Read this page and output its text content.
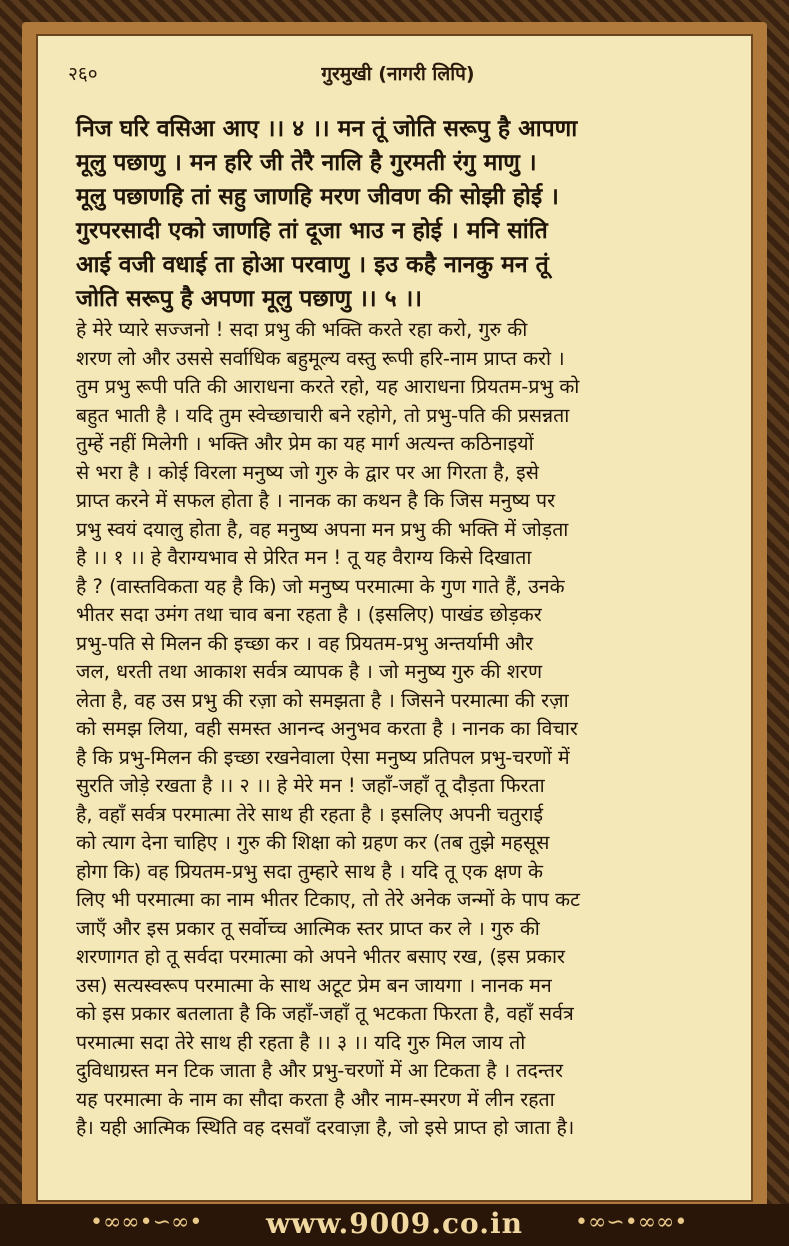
२६०	गुरमुखी (नागरी लिपि)
निज घरि वसिआ आए ।। ४ ।। मन तूं जोति सरूपु है आपणा
मूलु पछाणु । मन हरि जी तेरै नालि है गुरमती रंगु माणु ।
मूलु पछाणहि तां सहु जाणहि मरण जीवण की सोझी होई ।
गुरपरसादी एको जाणहि तां दूजा भाउ न होई । मनि सांति
आई वजी वधाई ता होआ परवाणु । इउ कहै नानकु मन तूं
जोति सरूपु है अपणा मूलु पछाणु ।। ५ ।।
हे मेरे प्यारे सज्जनो ! सदा प्रभु की भक्ति करते रहा करो, गुरु की
शरण लो और उससे सर्वाधिक बहुमूल्य वस्तु रूपी हरि-नाम प्राप्त करो ।
तुम प्रभु रूपी पति की आराधना करते रहो, यह आराधना प्रियतम-प्रभु को
बहुत भाती है । यदि तुम स्वेच्छाचारी बने रहोगे, तो प्रभु-पति की प्रसन्नता
तुम्हें नहीं मिलेगी । भक्ति और प्रेम का यह मार्ग अत्यन्त कठिनाइयों
से भरा है । कोई विरला मनुष्य जो गुरु के द्वार पर आ गिरता है, इसे
प्राप्त करने में सफल होता है । नानक का कथन है कि जिस मनुष्य पर
प्रभु स्वयं दयालु होता है, वह मनुष्य अपना मन प्रभु की भक्ति में जोड़ता
है ।। १ ।। हे वैराग्यभाव से प्रेरित मन ! तू यह वैराग्य किसे दिखाता
है ? (वास्तविकता यह है कि) जो मनुष्य परमात्मा के गुण गाते हैं, उनके
भीतर सदा उमंग तथा चाव बना रहता है । (इसलिए) पाखंड छोड़कर
प्रभु-पति से मिलन की इच्छा कर । वह प्रियतम-प्रभु अन्तर्यामी और
जल, धरती तथा आकाश सर्वत्र व्यापक है । जो मनुष्य गुरु की शरण
लेता है, वह उस प्रभु की रज़ा को समझता है । जिसने परमात्मा की रज़ा
को समझ लिया, वही समस्त आनन्द अनुभव करता है । नानक का विचार
है कि प्रभु-मिलन की इच्छा रखनेवाला ऐसा मनुष्य प्रतिपल प्रभु-चरणों में
सुरति जोड़े रखता है ।। २ ।। हे मेरे मन ! जहाँ-जहाँ तू दौड़ता फिरता
है, वहाँ सर्वत्र परमात्मा तेरे साथ ही रहता है । इसलिए अपनी चतुराई
को त्याग देना चाहिए । गुरु की शिक्षा को ग्रहण कर (तब तुझे महसूस
होगा कि) वह प्रियतम-प्रभु सदा तुम्हारे साथ है । यदि तू एक क्षण के
लिए भी परमात्मा का नाम भीतर टिकाए, तो तेरे अनेक जन्मों के पाप कट
जाएँ और इस प्रकार तू सर्वोच्च आत्मिक स्तर प्राप्त कर ले । गुरु की
शरणागत हो तू सर्वदा परमात्मा को अपने भीतर बसाए रख, (इस प्रकार
उस) सत्यस्वरूप परमात्मा के साथ अटूट प्रेम बन जायगा । नानक मन
को इस प्रकार बतलाता है कि जहाँ-जहाँ तू भटकता फिरता है, वहाँ सर्वत्र
परमात्मा सदा तेरे साथ ही रहता है ।। ३ ।। यदि गुरु मिल जाय तो
दुविधाग्रस्त मन टिक जाता है और प्रभु-चरणों में आ टिकता है । तदन्तर
यह परमात्मा के नाम का सौदा करता है और नाम-स्मरण में लीन रहता
है। यही आत्मिक स्थिति वह दसवाँ दरवाज़ा है, जो इसे प्राप्त हो जाता है।
•∞∞•∽∞•	•∞∽•∞∞•
www.9009.co.in
